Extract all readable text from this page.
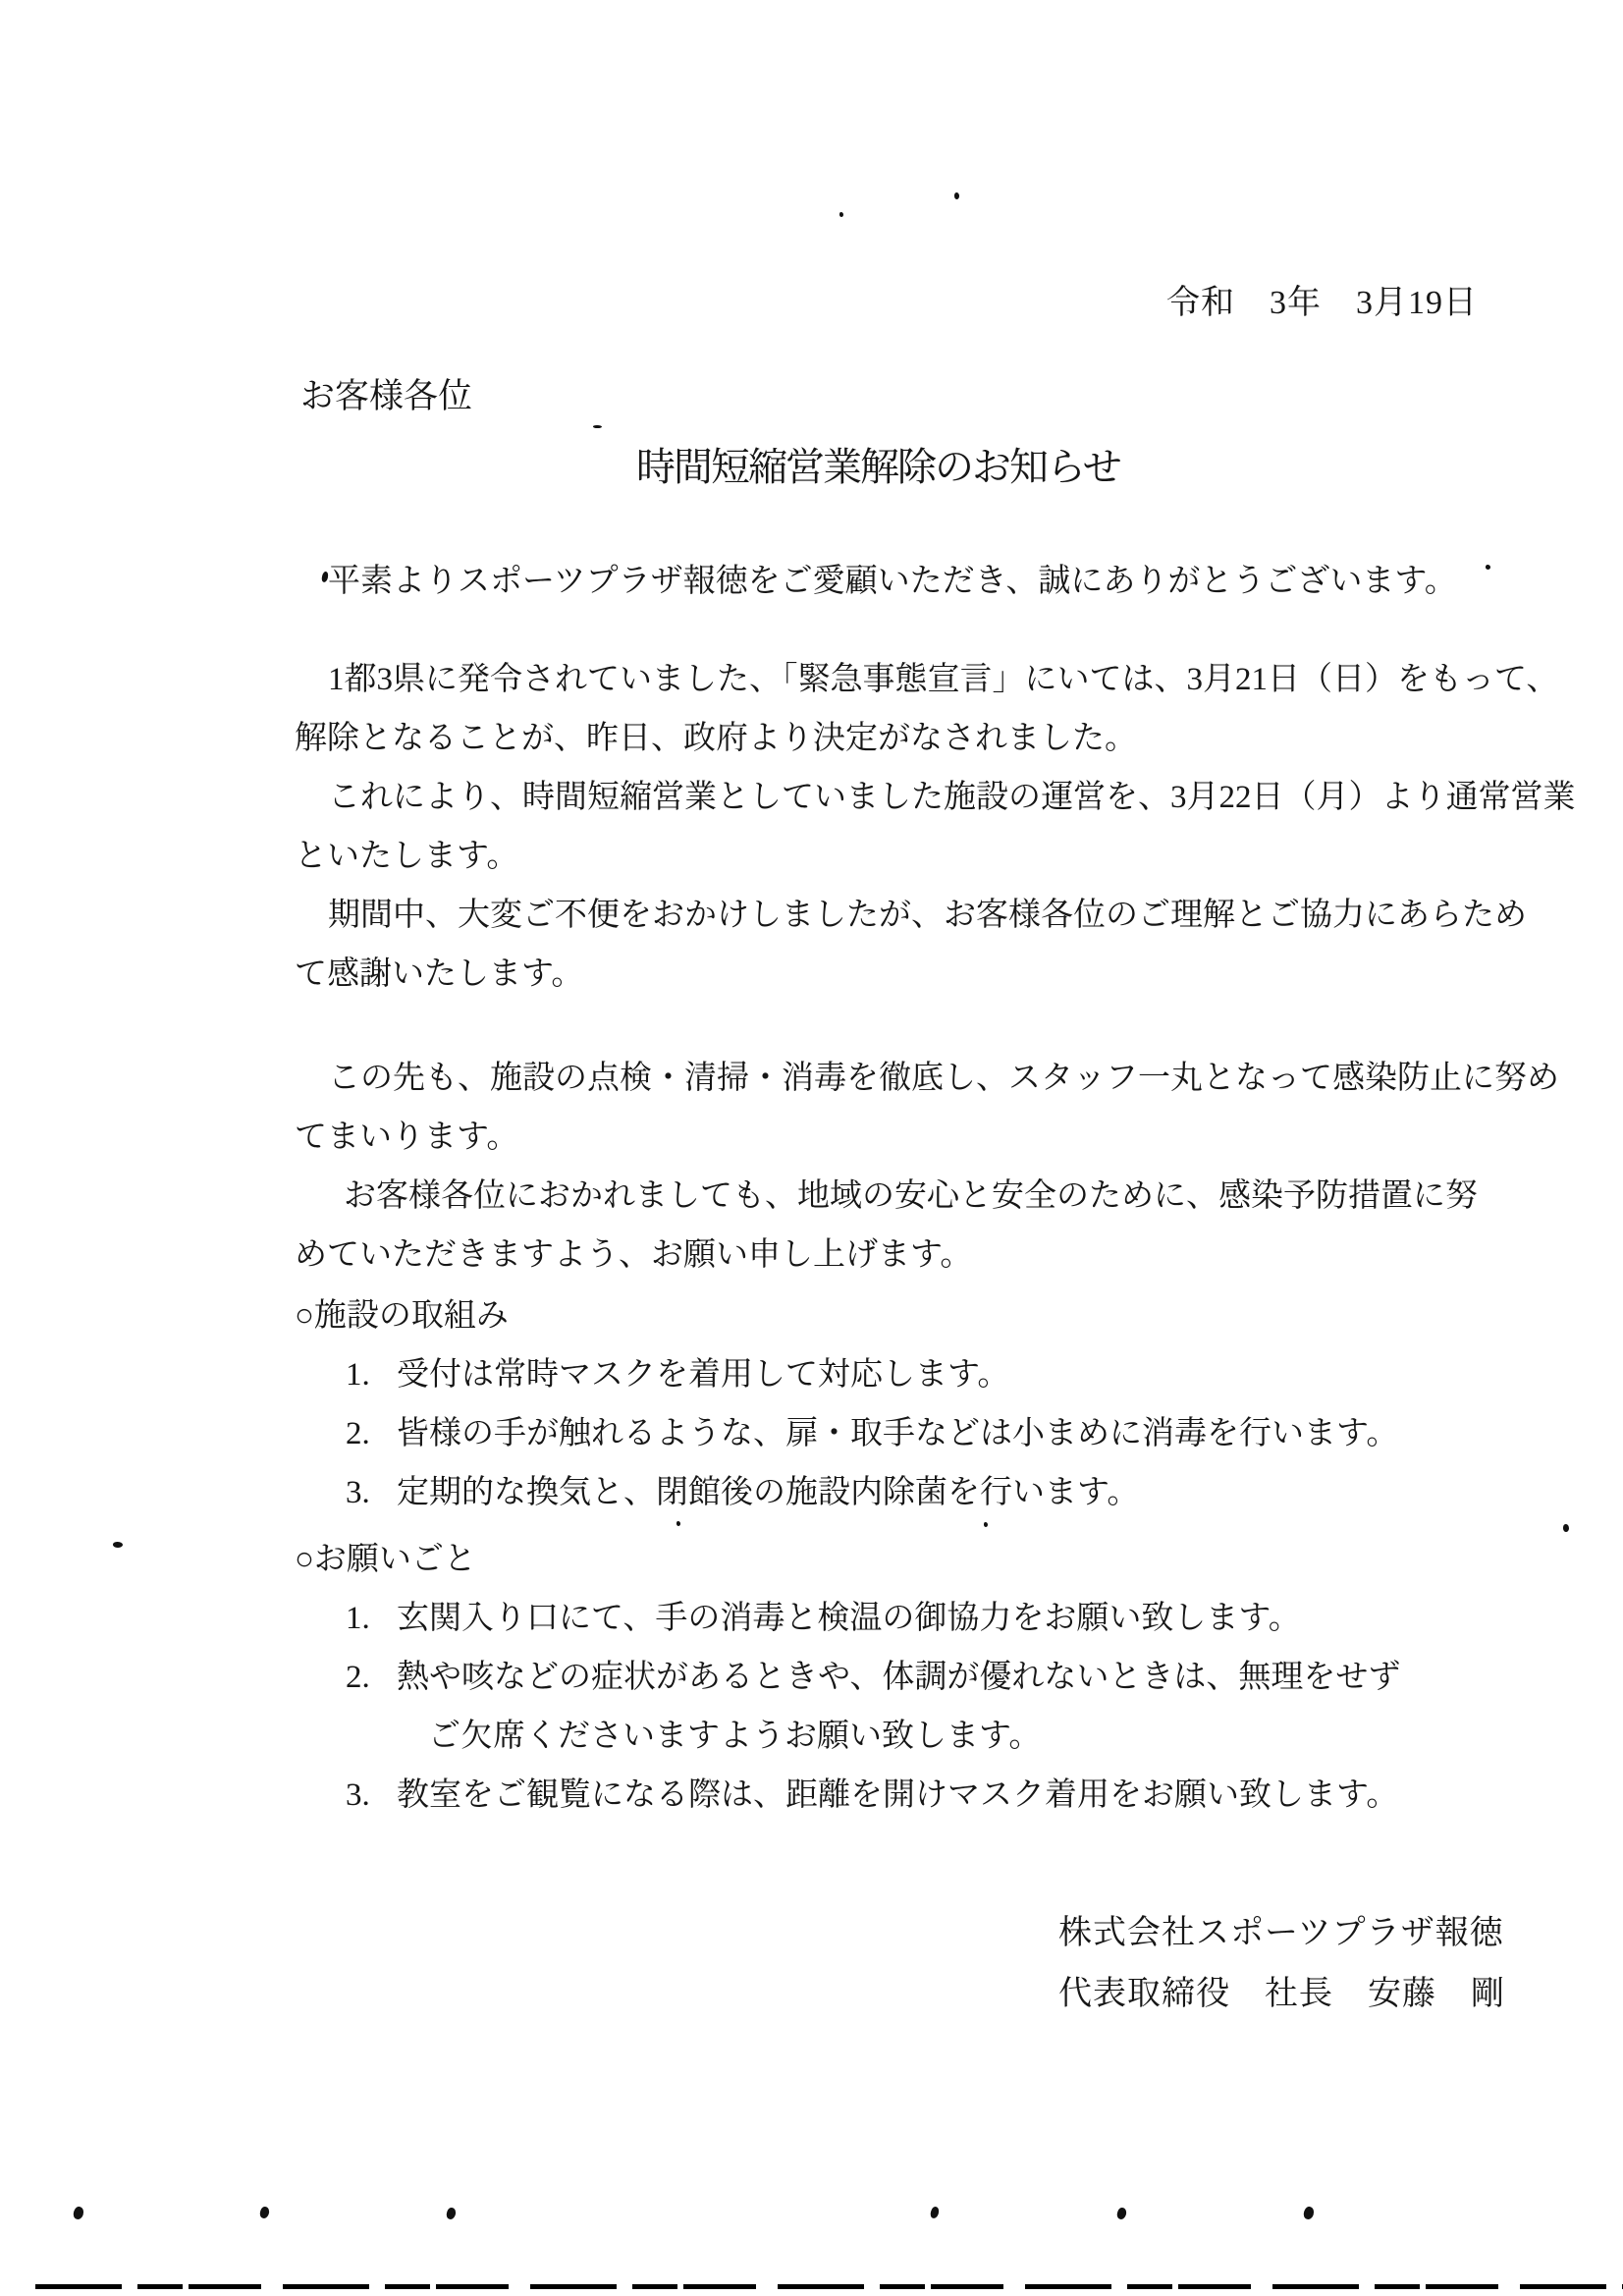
令和　3年　3月19日
お客様各位
時間短縮営業解除のお知らせ

平素よりスポーツプラザ報徳をご愛顧いただき、誠にありがとうございます。

1都3県に発令されていました、「緊急事態宣言」にいては、3月21日（日）をもって、

解除となることが、昨日、政府より決定がなされました。

これにより、時間短縮営業としていました施設の運営を、3月22日（月）より通常営業

といたします。

期間中、大変ご不便をおかけしましたが、お客様各位のご理解とご協力にあらため

て感謝いたします。

この先も、施設の点検・清掃・消毒を徹底し、スタッフ一丸となって感染防止に努め

てまいります。

お客様各位におかれましても、地域の安心と安全のために、感染予防措置に努

めていただきますよう、お願い申し上げます。

○施設の取組み

1. 受付は常時マスクを着用して対応します。

2. 皆様の手が触れるような、扉・取手などは小まめに消毒を行います。

3. 定期的な換気と、閉館後の施設内除菌を行います。

○お願いごと

1. 玄関入り口にて、手の消毒と検温の御協力をお願い致します。

2. 熱や咳などの症状があるときや、体調が優れないときは、無理をせず

ご欠席くださいますようお願い致します。

3. 教室をご観覧になる際は、距離を開けマスク着用をお願い致します。

株式会社スポーツプラザ報徳

代表取締役　社長　安藤　剛
